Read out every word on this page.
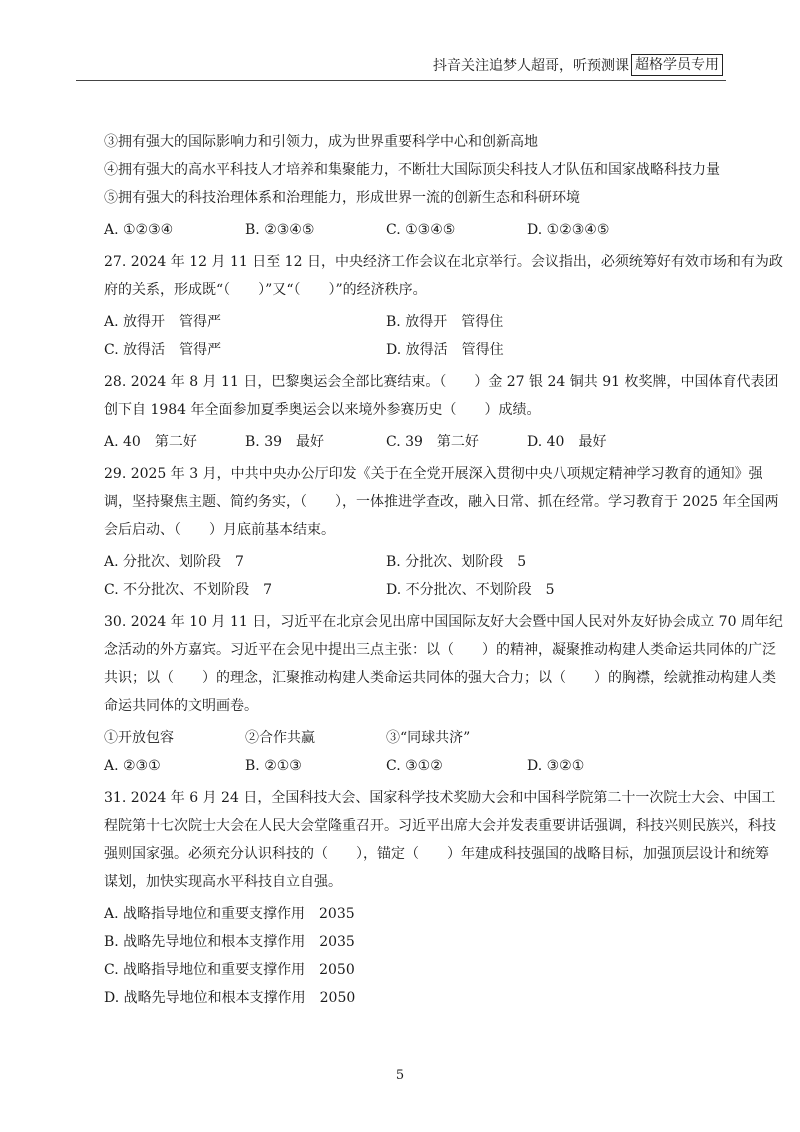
抖音关注追梦人超哥，听预测课 超格学员专用
③拥有强大的国际影响力和引领力，成为世界重要科学中心和创新高地
④拥有强大的高水平科技人才培养和集聚能力，不断壮大国际顶尖科技人才队伍和国家战略科技力量
⑤拥有强大的科技治理体系和治理能力，形成世界一流的创新生态和科研环境
A. ①②③④	B. ②③④⑤	C. ①③④⑤	D. ①②③④⑤
27. 2024 年 12 月 11 日至 12 日，中央经济工作会议在北京举行。会议指出，必须统筹好有效市场和有为政
府的关系，形成既“（　　）”又“（　　）”的经济秩序。
A. 放得开　管得严	B. 放得开　管得住
C. 放得活　管得严	D. 放得活　管得住
28. 2024 年 8 月 11 日，巴黎奥运会全部比赛结束。（　　）金 27 银 24 铜共 91 枚奖牌，中国体育代表团
创下自 1984 年全面参加夏季奥运会以来境外参赛历史（　　）成绩。
A. 40　第二好	B. 39　最好	C. 39　第二好	D. 40　最好
29. 2025 年 3 月，中共中央办公厅印发《关于在全党开展深入贯彻中央八项规定精神学习教育的通知》强
调，坚持聚焦主题、简约务实，（　　），一体推进学查改，融入日常、抓在经常。学习教育于 2025 年全国两
会后启动、（　　）月底前基本结束。
A. 分批次、划阶段　7	B. 分批次、划阶段　5
C. 不分批次、不划阶段　7	D. 不分批次、不划阶段　5
30. 2024 年 10 月 11 日，习近平在北京会见出席中国国际友好大会暨中国人民对外友好协会成立 70 周年纪
念活动的外方嘉宾。习近平在会见中提出三点主张：以（　　）的精神，凝聚推动构建人类命运共同体的广泛
共识；以（　　）的理念，汇聚推动构建人类命运共同体的强大合力；以（　　）的胸襟，绘就推动构建人类
命运共同体的文明画卷。
①开放包容	②合作共赢	③“同球共济”
A. ②③①	B. ②①③	C. ③①②	D. ③②①
31. 2024 年 6 月 24 日，全国科技大会、国家科学技术奖励大会和中国科学院第二十一次院士大会、中国工
程院第十七次院士大会在人民大会堂隆重召开。习近平出席大会并发表重要讲话强调，科技兴则民族兴，科技
强则国家强。必须充分认识科技的（　　），锚定（　　）年建成科技强国的战略目标，加强顶层设计和统筹
谋划，加快实现高水平科技自立自强。
A. 战略指导地位和重要支撑作用　2035
B. 战略先导地位和根本支撑作用　2035
C. 战略指导地位和重要支撑作用　2050
D. 战略先导地位和根本支撑作用　2050
5
